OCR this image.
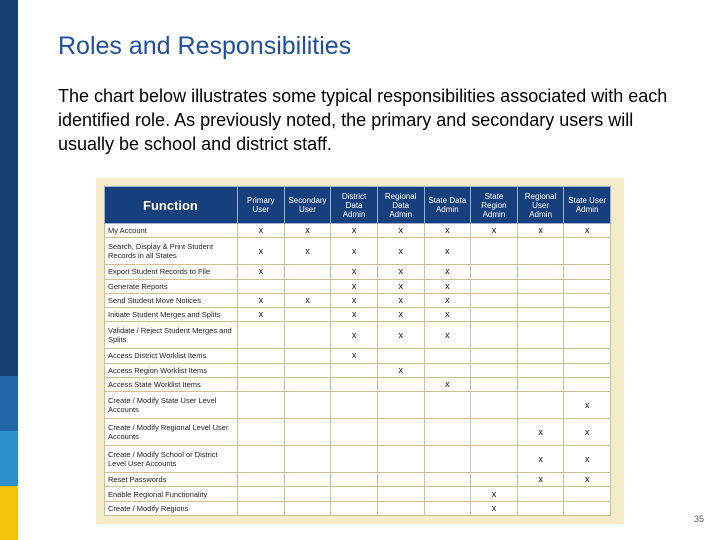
Roles and Responsibilities

The chart below illustrates some typical responsibilities associated with each identified role. As previously noted, the primary and secondary users will usually be school and district staff.

Function	Primary User	Secondary User	District Data Admin	Regional Data Admin	State Data Admin	State Region Admin	Regional User Admin	State User Admin
My Account	x	x	x	x	x	x	x	x
Search, Display & Print Student Records in all States	x	x	x	x	x			
Export Student Records to File	x		x	x	x			
Generate Reports			x	x	x			
Send Student Move Notices	x	x	x	x	x			
Initiate Student Merges and Splits	x		x	x	x			
Validate / Reject Student Merges and Splits			x	x	x			
Access District Worklist Items			x					
Access Region Worklist Items				x				
Access State Worklist Items					x			
Create / Modify State User Level Accounts								x
Create / Modify Regional Level User Accounts							x	x
Create / Modify School or District Level User Accounts							x	x
Reset Passwords							x	x
Enable Regional Functionality						x		
Create / Modify Regions						x		
35
